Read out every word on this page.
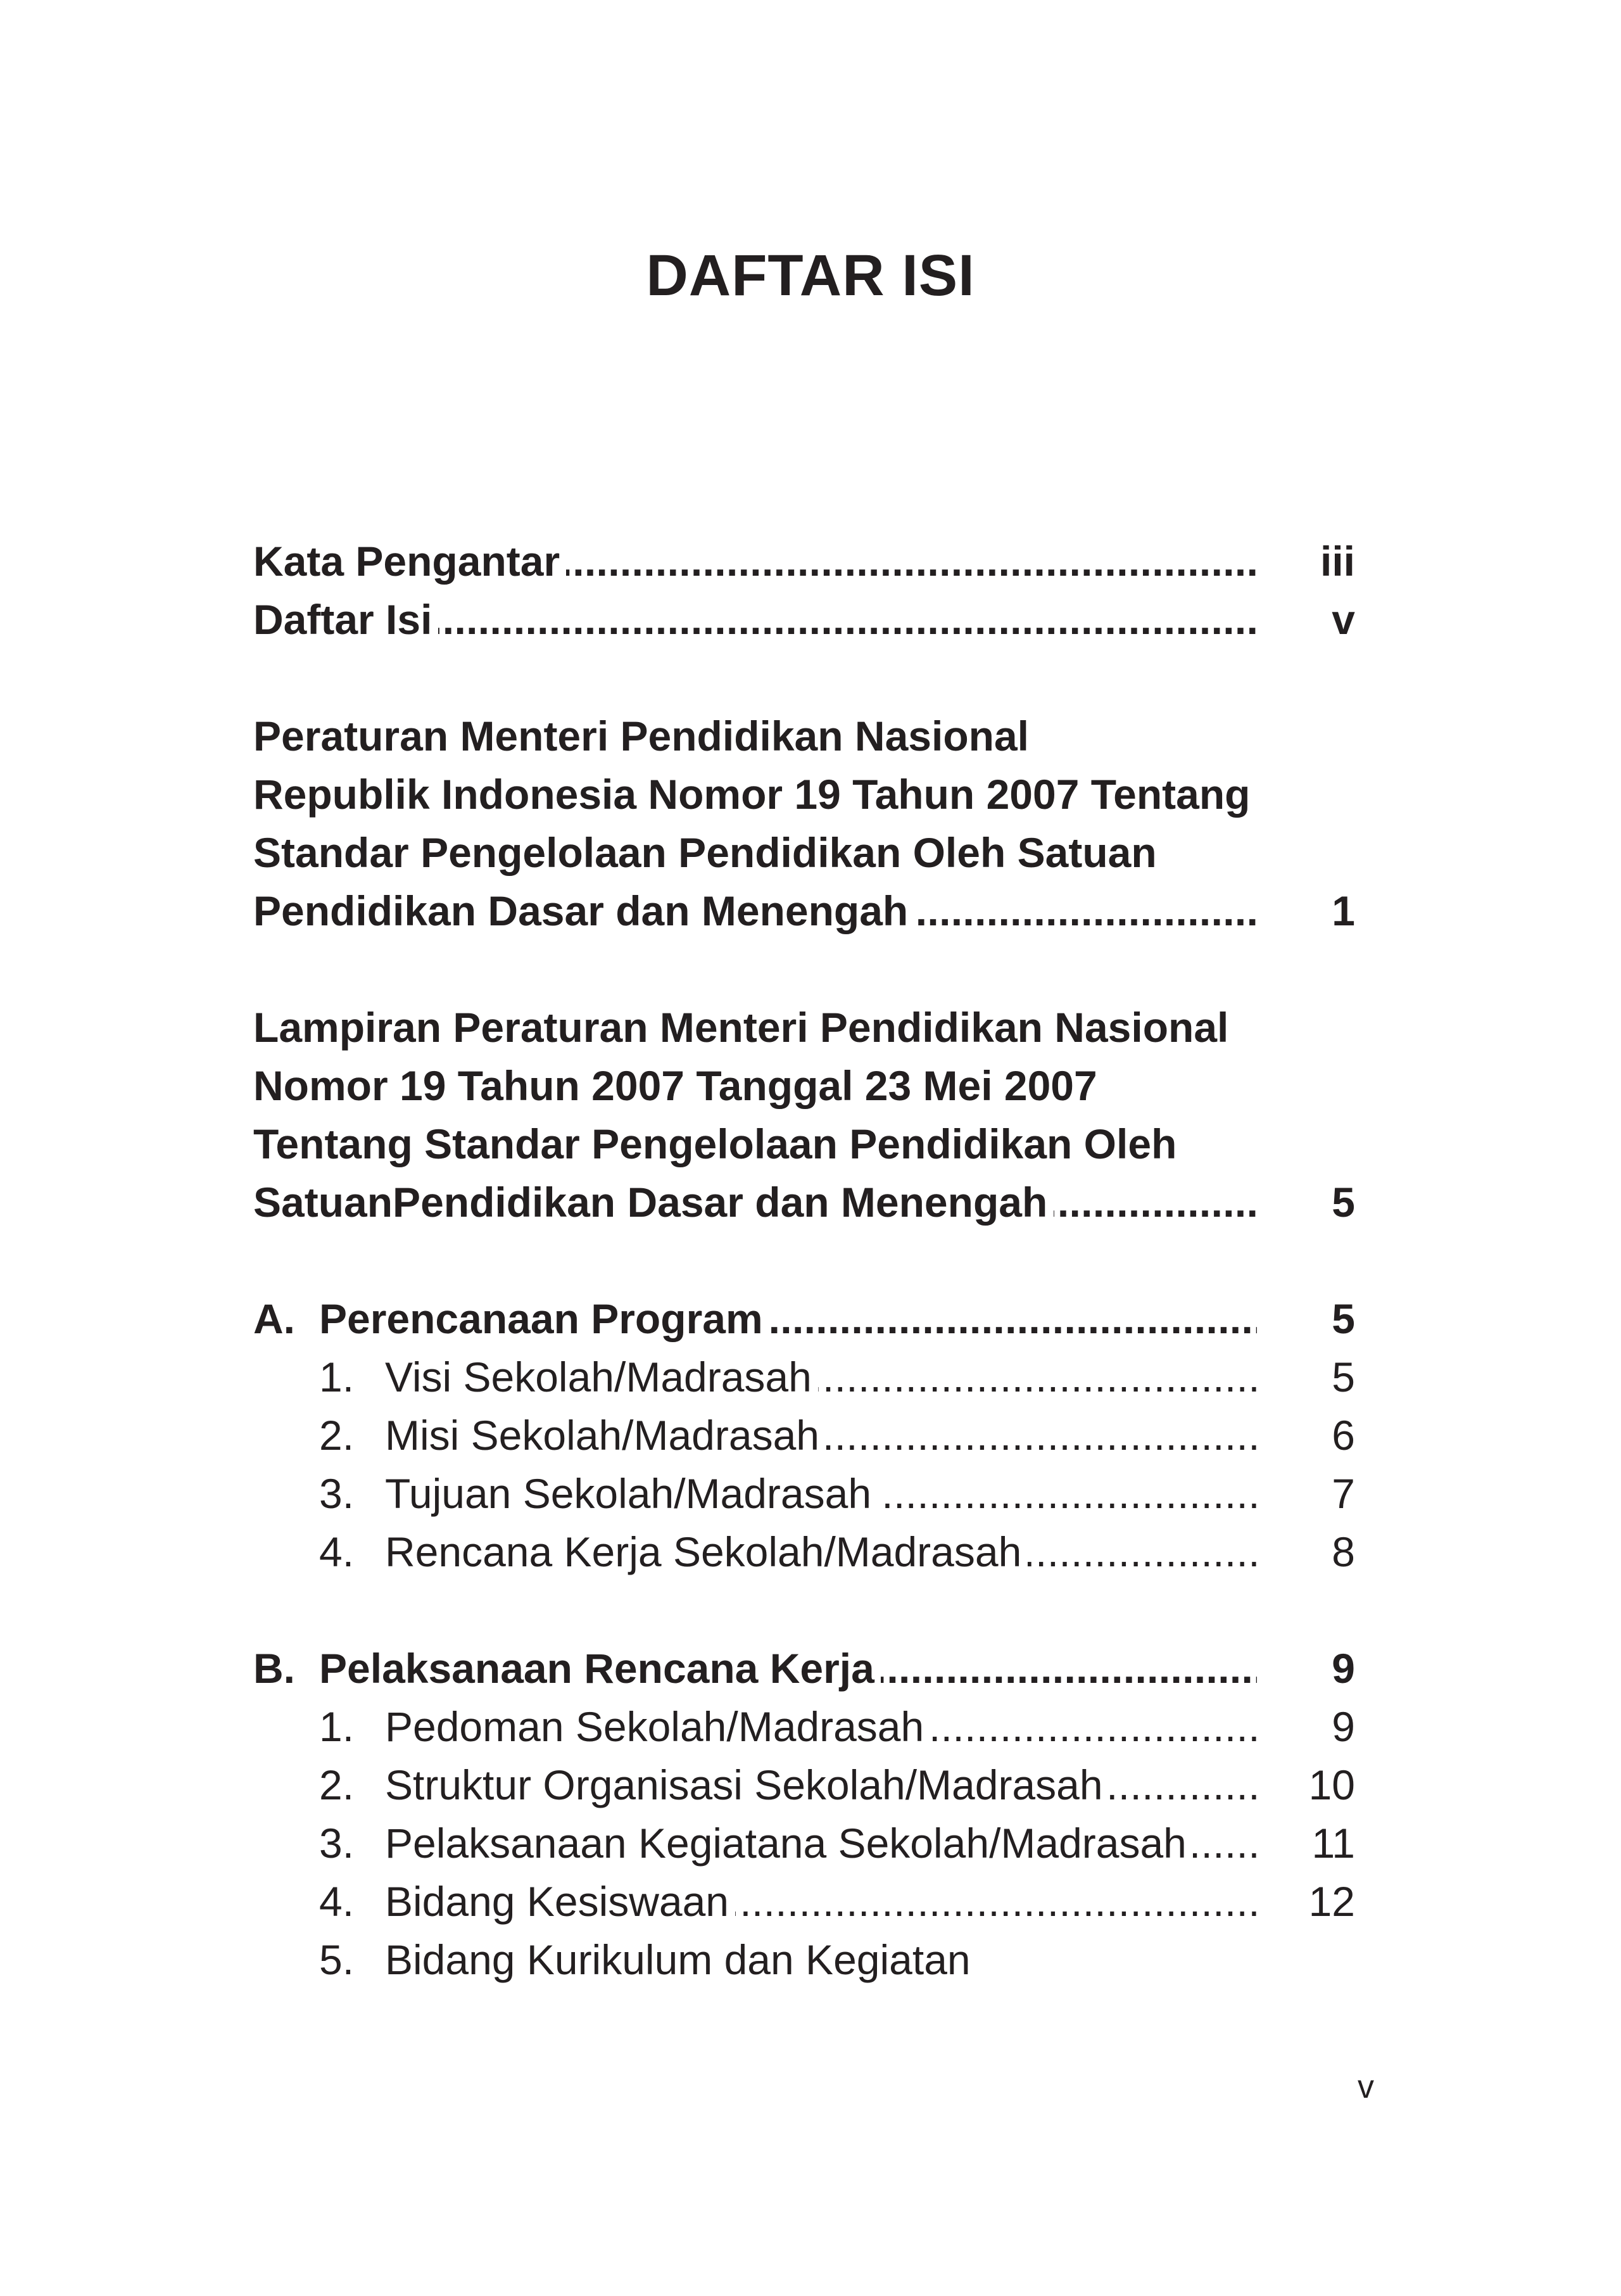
DAFTAR ISI
Kata Pengantar . . .	iii
Daftar Isi . . .	v
Peraturan Menteri Pendidikan Nasional
Republik Indonesia Nomor 19 Tahun 2007 Tentang
Standar Pengelolaan Pendidikan Oleh Satuan
Pendidikan Dasar dan Menengah . . .	1
Lampiran Peraturan Menteri Pendidikan Nasional
Nomor 19 Tahun 2007 Tanggal 23 Mei 2007
Tentang Standar Pengelolaan Pendidikan Oleh
SatuanPendidikan Dasar dan Menengah . . .	5
A. Perencanaan Program . . .	5
1. Visi Sekolah/Madrasah . . .	5
2. Misi Sekolah/Madrasah . . .	6
3. Tujuan Sekolah/Madrasah . . .	7
4. Rencana Kerja Sekolah/Madrasah . . .	8
B. Pelaksanaan Rencana Kerja . . .	9
1. Pedoman Sekolah/Madrasah . . .	9
2. Struktur Organisasi Sekolah/Madrasah . . .	10
3. Pelaksanaan Kegiatana Sekolah/Madrasah . . .	11
4. Bidang Kesiswaan . . .	12
5. Bidang Kurikulum dan Kegiatan
v
